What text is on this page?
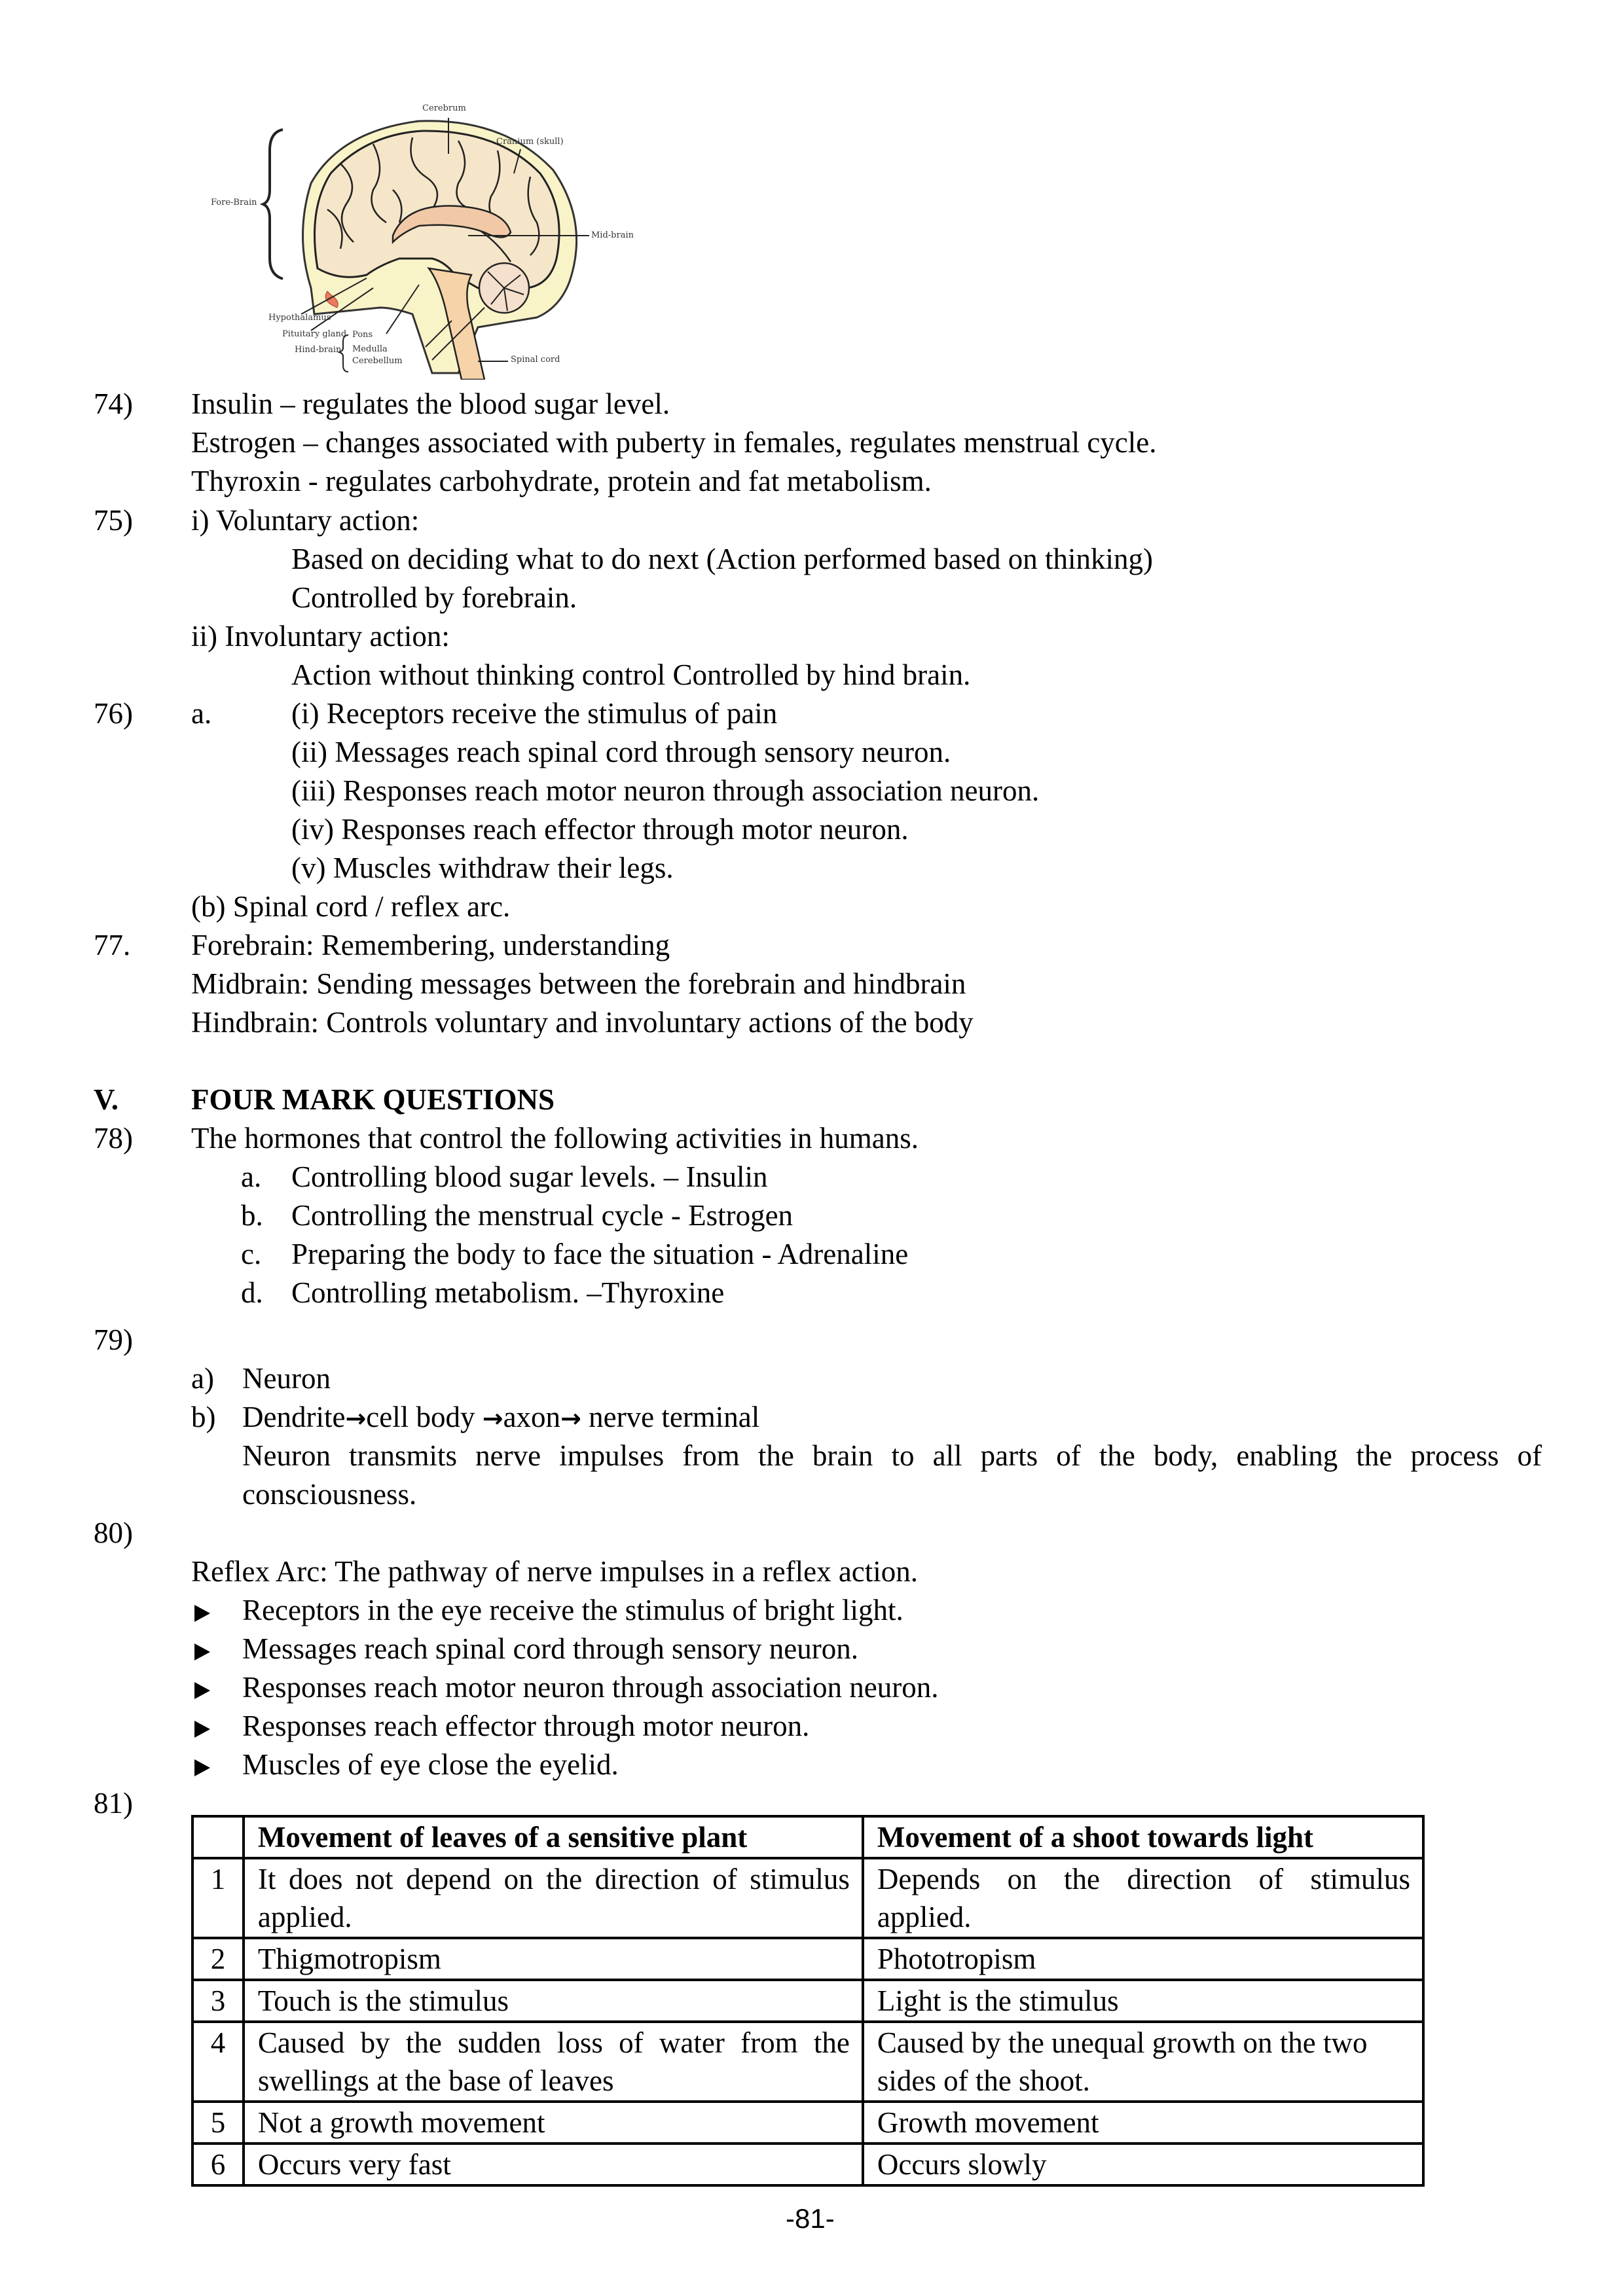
Cerebrum
Cranium (skull)
Fore-Brain
Mid-brain
Hypothalamus
Pituitary gland
Hind-brain
Pons
Medulla
Cerebellum	Spinal cord
74) Insulin – regulates the blood sugar level.
Estrogen – changes associated with puberty in females, regulates menstrual cycle.
Thyroxin - regulates carbohydrate, protein and fat metabolism.
75) i) Voluntary action:
Based on deciding what to do next (Action performed based on thinking)
Controlled by forebrain.
ii) Involuntary action:
Action without thinking control Controlled by hind brain.
76) a.	(i) Receptors receive the stimulus of pain
(ii) Messages reach spinal cord through sensory neuron.
(iii) Responses reach motor neuron through association neuron.
(iv) Responses reach effector through motor neuron.
(v) Muscles withdraw their legs.
(b) Spinal cord / reflex arc.
77. Forebrain: Remembering, understanding
Midbrain: Sending messages between the forebrain and hindbrain
Hindbrain: Controls voluntary and involuntary actions of the body
V. FOUR MARK QUESTIONS
78) The hormones that control the following activities in humans.
a. Controlling blood sugar levels. – Insulin
b. Controlling the menstrual cycle - Estrogen
c. Preparing the body to face the situation - Adrenaline
d. Controlling metabolism. –Thyroxine
79)
a) Neuron
b) Dendrite→cell body →axon→ nerve terminal
Neuron transmits nerve impulses from the brain to all parts of the body, enabling the process of
consciousness.
80)
Reflex Arc: The pathway of nerve impulses in a reflex action.
Receptors in the eye receive the stimulus of bright light.
Messages reach spinal cord through sensory neuron.
Responses reach motor neuron through association neuron.
Responses reach effector through motor neuron.
Muscles of eye close the eyelid.
81)
	Movement of leaves of a sensitive plant	Movement of a shoot towards light
1	It does not depend on the direction of stimulus applied.	Depends on the direction of stimulus applied.
2	Thigmotropism	Phototropism
3	Touch is the stimulus	Light is the stimulus
4	Caused by the sudden loss of water from the swellings at the base of leaves	Caused by the unequal growth on the two sides of the shoot.
5	Not a growth movement	Growth movement
6	Occurs very fast	Occurs slowly
-81-
